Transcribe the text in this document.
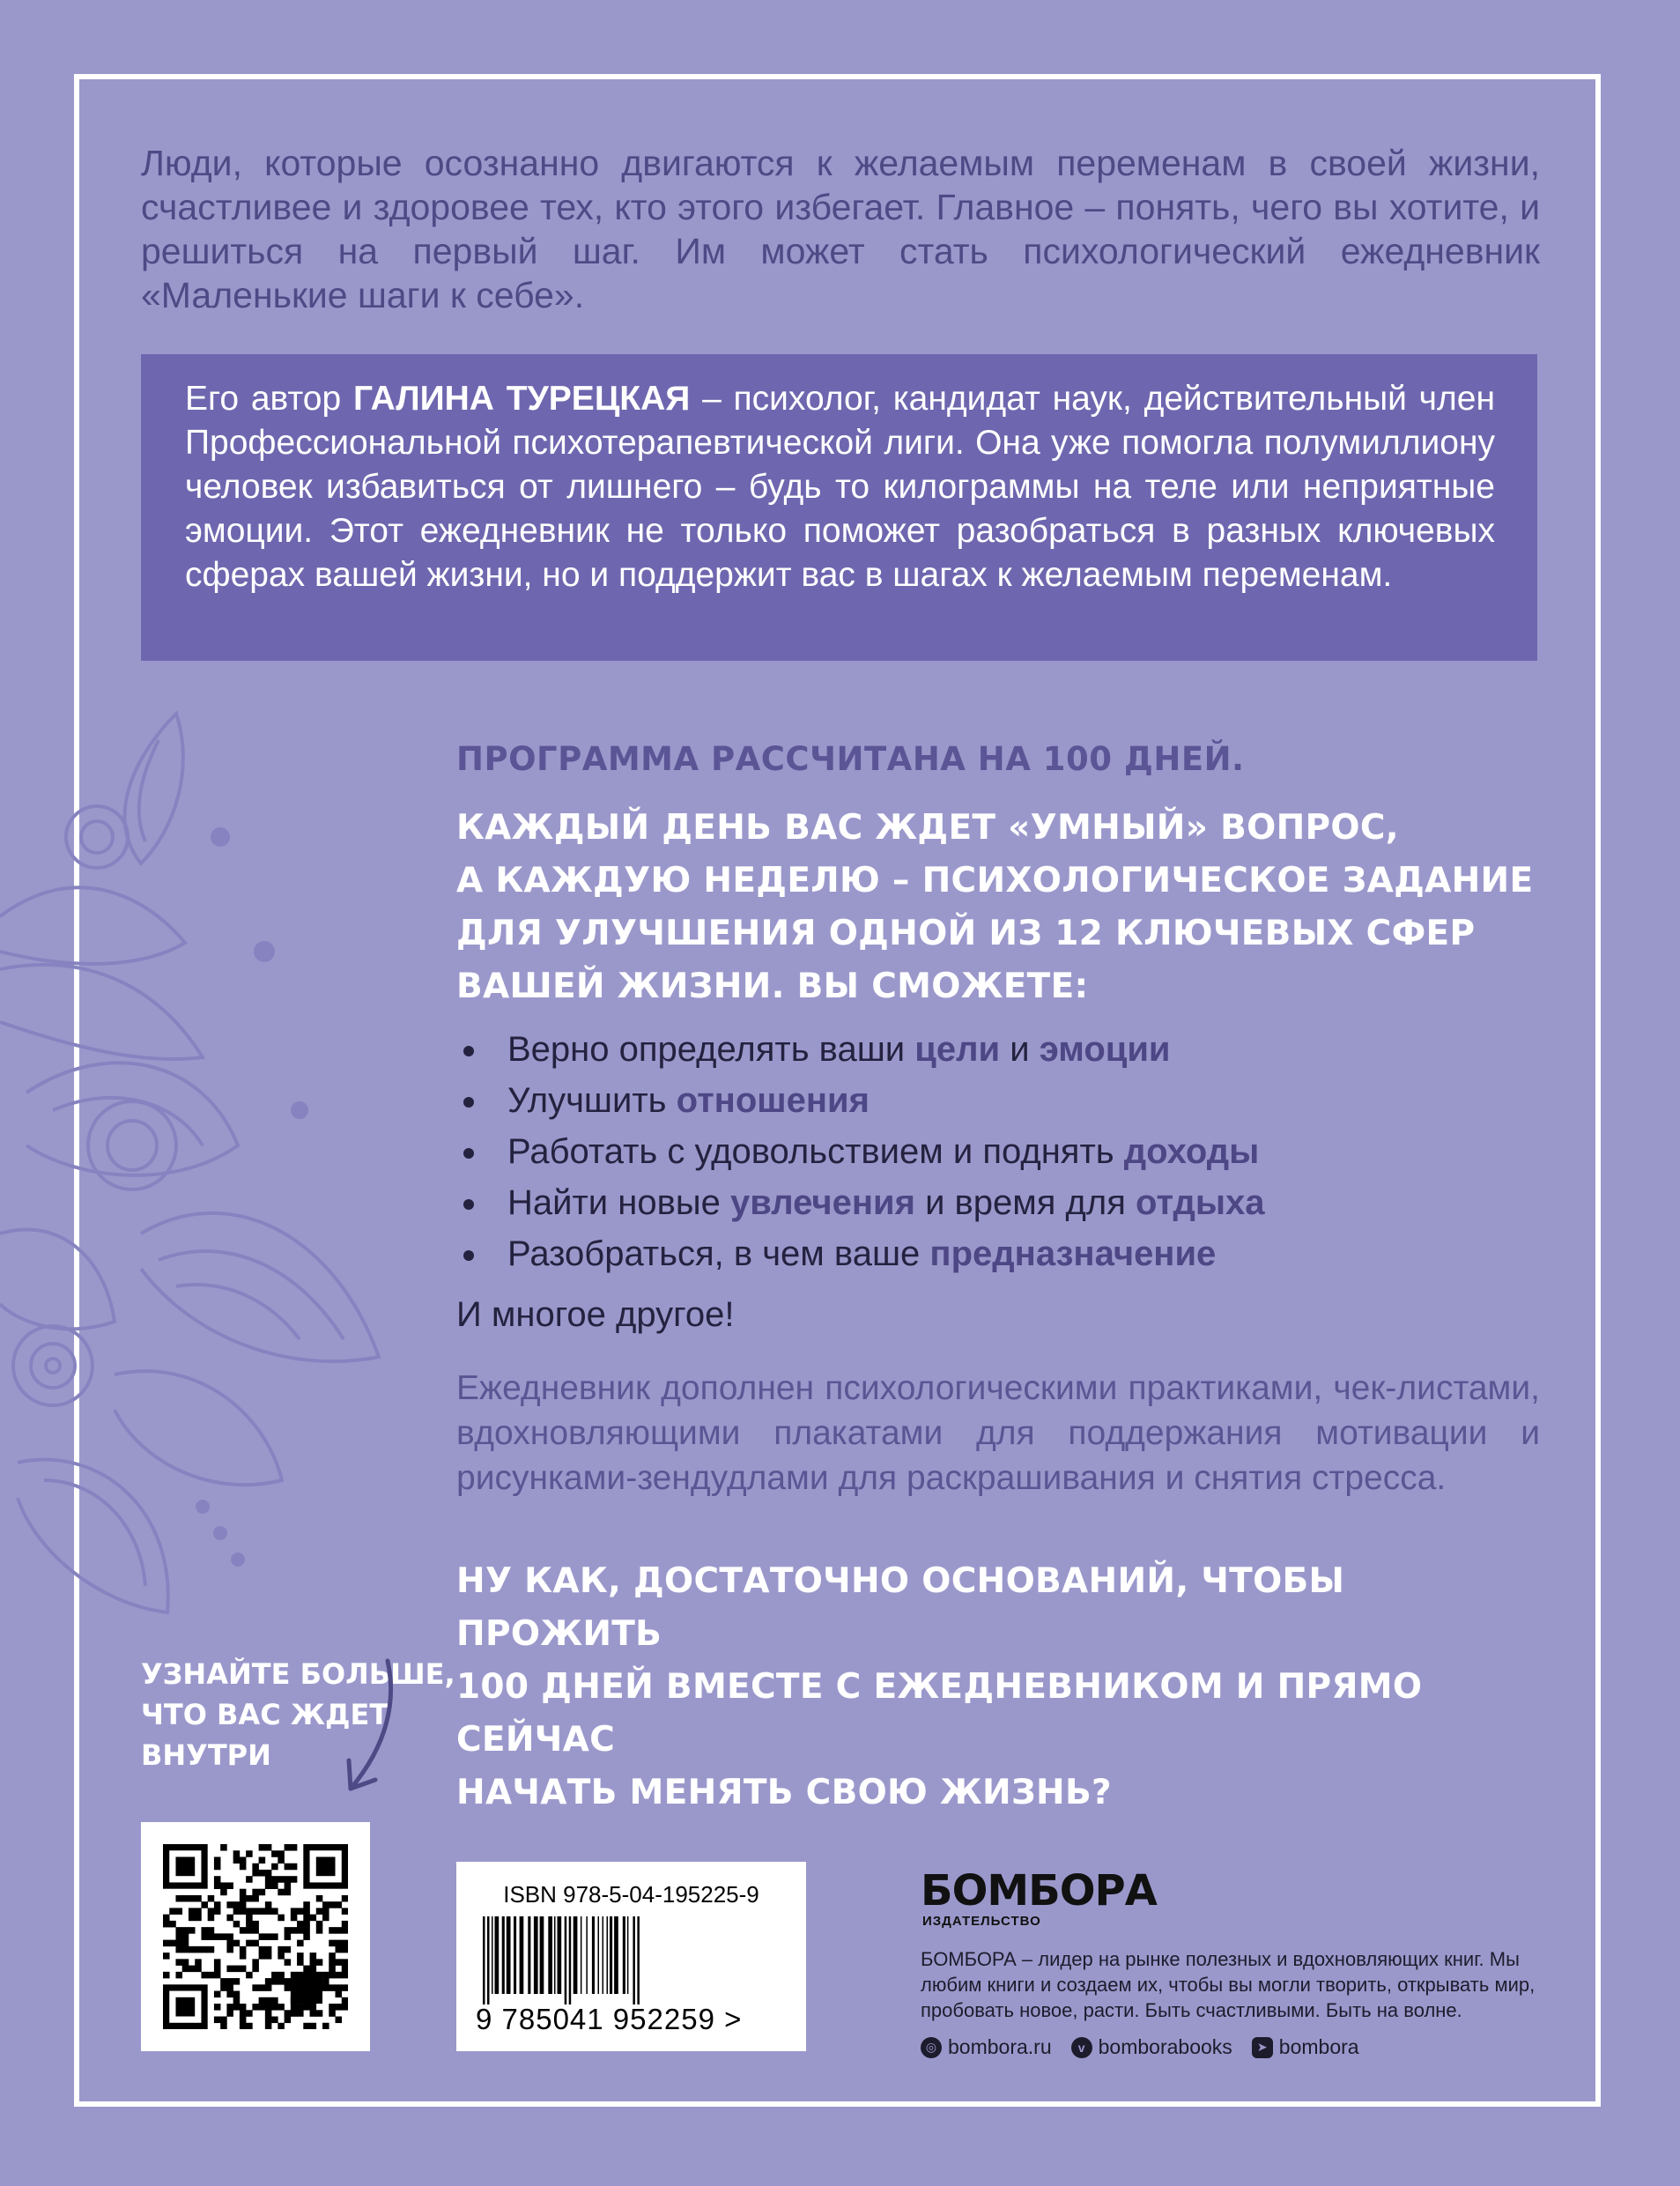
Люди, которые осознанно двигаются к желаемым переменам в своей жизни, счастливее и здоровее тех, кто этого избегает. Главное – понять, чего вы хотите, и решиться на первый шаг. Им может стать психологический ежедневник «Маленькие шаги к себе».

Его автор ГАЛИНА ТУРЕЦКАЯ – психолог, кандидат наук, действительный член Профессиональной психотерапевтической лиги. Она уже помогла полумиллиону человек избавиться от лишнего – будь то килограммы на теле или неприятные эмоции. Этот ежедневник не только поможет разобраться в разных ключевых сферах вашей жизни, но и поддержит вас в шагах к желаемым переменам.

ПРОГРАММА РАССЧИТАНА НА 100 ДНЕЙ.

КАЖДЫЙ ДЕНЬ ВАС ЖДЕТ «УМНЫЙ» ВОПРОС,

А КАЖДУЮ НЕДЕЛЮ – ПСИХОЛОГИЧЕСКОЕ ЗАДАНИЕ

ДЛЯ УЛУЧШЕНИЯ ОДНОЙ ИЗ 12 КЛЮЧЕВЫХ СФЕР

ВАШЕЙ ЖИЗНИ. ВЫ СМОЖЕТЕ:

Верно определять ваши цели и эмоции
Улучшить отношения
Работать с удовольствием и поднять доходы
Найти новые увлечения и время для отдыха
Разобраться, в чем ваше предназначение

И многое другое!

Ежедневник дополнен психологическими практиками, чек-листами, вдохновляющими плакатами для поддержания мотивации и рисунками-зендудлами для раскрашивания и снятия стресса.

НУ КАК, ДОСТАТОЧНО ОСНОВАНИЙ, ЧТОБЫ ПРОЖИТЬ

100 ДНЕЙ ВМЕСТЕ С ЕЖЕДНЕВНИКОМ И ПРЯМО СЕЙЧАС

НАЧАТЬ МЕНЯТЬ СВОЮ ЖИЗНЬ?

УЗНАЙТЕ БОЛЬШЕ,
ЧТО ВАС ЖДЕТ
ВНУТРИ

ISBN 978-5-04-195225-9

9 785041 952259 >

БОМБОРА

ИЗДАТЕЛЬСТВО

БОМБОРА – лидер на рынке полезных и вдохновляющих книг. Мы любим книги и создаем их, чтобы вы могли творить, открывать мир, пробовать новое, расти. Быть счастливыми. Быть на волне.

◎ bombora.ru	v bomborabooks	➤ bombora
